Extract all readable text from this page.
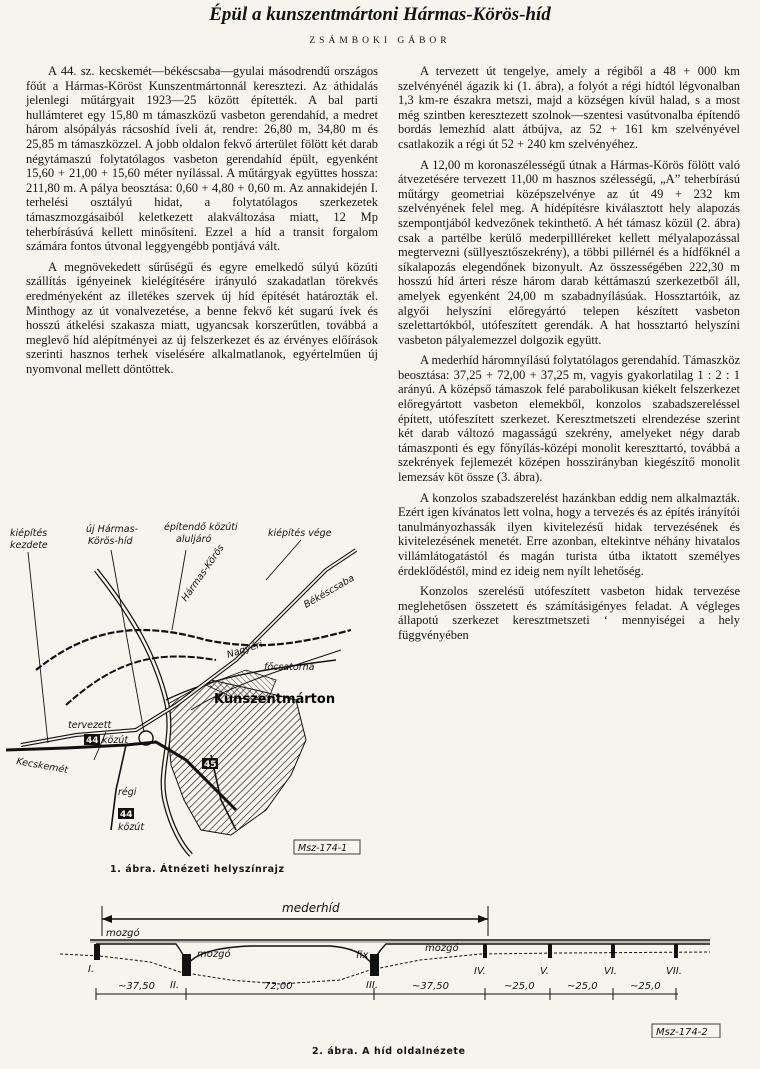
Épül a kunszentmártoni Hármas-Körös-híd
ZSÁMBOKI GÁBOR

A 44. sz. kecskemét—békéscsaba—gyulai másodrendű országos főút a Hármas-Köröst Kunszentmártonnál keresztezi. Az áthidalás jelenlegi műtárgyait 1923—25 között építették. A bal parti hullámteret egy 15,80 m támaszközű vasbeton gerendahíd, a medret három alsópályás rácsoshíd íveli át, rendre: 26,80 m, 34,80 m és 25,85 m támaszközzel. A jobb oldalon fekvő árterület fölött két darab négytámaszú folytatólagos vasbeton gerendahíd épült, egyenként 15,60 + 21,00 + 15,60 méter nyílással. A műtárgyak együttes hossza: 211,80 m. A pálya beosztása: 0,60 + 4,80 + 0,60 m. Az annakidején I. terhelési osztályú hidat, a folytatólagos szerkezetek támaszmozgásaiból keletkezett alakváltozása miatt, 12 Mp teherbírásúvá kellett minősíteni. Ezzel a híd a transit forgalom számára fontos útvonal leggyengébb pontjává vált.

A megnövekedett sűrűségű és egyre emelkedő súlyú közúti szállítás igényeinek kielégítésére irányuló szakadatlan törekvés eredményeként az illetékes szervek új híd építését határozták el. Minthogy az út vonalvezetése, a benne fekvő két sugarú ívek és hosszú átkelési szakasza miatt, ugyancsak korszerűtlen, továbbá a meglevő híd alépítményei az új felszerkezet és az érvényes előírások szerinti hasznos terhek viselésére alkalmatlanok, egyértelműen új nyomvonal mellett döntöttek.

A tervezett út tengelye, amely a régiből a 48 + 000 km szelvényénél ágazik ki (1. ábra), a folyót a régi hídtól légvonalban 1,3 km-re északra metszi, majd a községen kívül halad, s a most még szintben keresztezett szolnok—szentesi vasútvonalba építendő bordás lemezhíd alatt átbújva, az 52 + 161 km szelvényével csatlakozik a régi út 52 + 240 km szelvényéhez.

A 12,00 m koronaszélességű útnak a Hármas-Körös fölött való átvezetésére tervezett 11,00 m hasznos szélességű, „A” teherbírású műtárgy geometriai középszelvénye az út 49 + 232 km szelvényének felel meg. A hídépítésre kiválasztott hely alapozás szempontjából kedvezőnek tekinthető. A hét támasz közül (2. ábra) csak a partélbe kerülő mederpillléreket kellett mélyalapozással megtervezni (süllyesztőszekrény), a többi pillérnél és a hídfőknél a síkalapozás elegendőnek bizonyult. Az összességében 222,30 m hosszú híd árteri része három darab kéttámaszú szerkezetből áll, amelyek egyenként 24,00 m szabadnyílásúak. Hossztartóik, az algyői helyszíni előregyártó telepen készített vasbeton szelettartókból, utófeszített gerendák. A hat hossztartó helyszíni vasbeton pályalemezzel dolgozik együtt.

A mederhíd háromnyílású folytatólagos gerendahíd. Támaszköz beosztása: 37,25 + 72,00 + 37,25 m, vagyis gyakorlatilag 1 : 2 : 1 arányú. A középső támaszok felé parabolikusan kiékelt felszerkezet előregyártott vasbeton elemekből, konzolos szabadszereléssel épített, utófeszített szerkezet. Keresztmetszeti elrendezése szerint két darab változó magasságú szekrény, amelyeket négy darab támaszponti és egy főnyílás-középi monolit kereszttartó, továbbá a szekrények fejlemezét középen hosszirányban kiegészítő monolit lemezsáv köt össze (3. ábra).

A konzolos szabadszerelést hazánkban eddig nem alkalmazták. Ezért igen kívánatos lett volna, hogy a tervezés és az építés irányítói tanulmányozhassák ilyen kivitelezésű hidak tervezésének és kivitelezésének menetét. Erre azonban, eltekintve néhány hivatalos villámlátogatástól és magán turista útba iktatott személyes érdeklődéstől, mind ez ideig nem nyílt lehetőség.

Konzolos szerelésű utófeszített vasbeton hidak tervezése meglehetősen összetett és számításigényes feladat. A végleges állapotú szerkezet keresztmetszeti ‘ mennyiségei a hely függvényében

kiépítés
kezdete
új Hármas-
Körös-híd
építendő közúti
aluljáró
kiépítés vége
Békéscsaba
Hármas-Körös
Nagyéri
főcsatorna
Kunszentmárton
tervezett
44 közút
Kecskemét	45
régi
44
közút
Msz-174-1
1. ábra. Átnézeti helyszínrajz
mederhíd
mozgó
mozgó	fix
mozgó
I.
II.	III.
IV.	V.	VI.	VII.
~37,50	72,00	~37,50	~25,0	~25,0	~25,0
Msz-174-2
2. ábra. A híd oldalnézete
